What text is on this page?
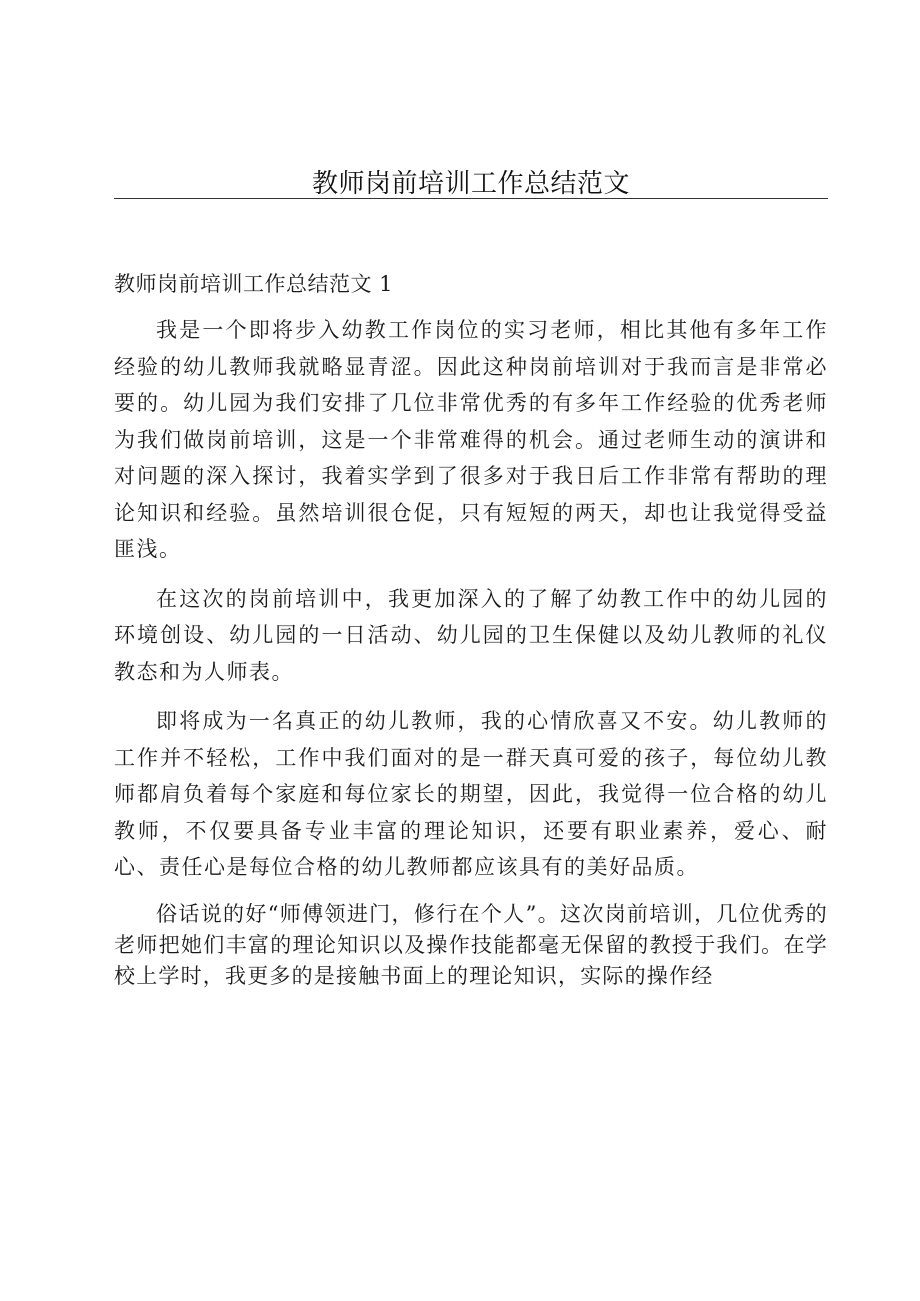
教师岗前培训工作总结范文
教师岗前培训工作总结范文 1

我是一个即将步入幼教工作岗位的实习老师，相比其他有多年工作经验的幼儿教师我就略显青涩。因此这种岗前培训对于我而言是非常必要的。幼儿园为我们安排了几位非常优秀的有多年工作经验的优秀老师为我们做岗前培训，这是一个非常难得的机会。通过老师生动的演讲和对问题的深入探讨，我着实学到了很多对于我日后工作非常有帮助的理论知识和经验。虽然培训很仓促，只有短短的两天，却也让我觉得受益匪浅。

在这次的岗前培训中，我更加深入的了解了幼教工作中的幼儿园的环境创设、幼儿园的一日活动、幼儿园的卫生保健以及幼儿教师的礼仪教态和为人师表。

即将成为一名真正的幼儿教师，我的心情欣喜又不安。幼儿教师的工作并不轻松，工作中我们面对的是一群天真可爱的孩子，每位幼儿教师都肩负着每个家庭和每位家长的期望，因此，我觉得一位合格的幼儿教师，不仅要具备专业丰富的理论知识，还要有职业素养，爱心、耐心、责任心是每位合格的幼儿教师都应该具有的美好品质。

俗话说的好“师傅领进门，修行在个人”。这次岗前培训，几位优秀的老师把她们丰富的理论知识以及操作技能都毫无保留的教授于我们。在学校上学时，我更多的是接触书面上的理论知识，实际的操作经
